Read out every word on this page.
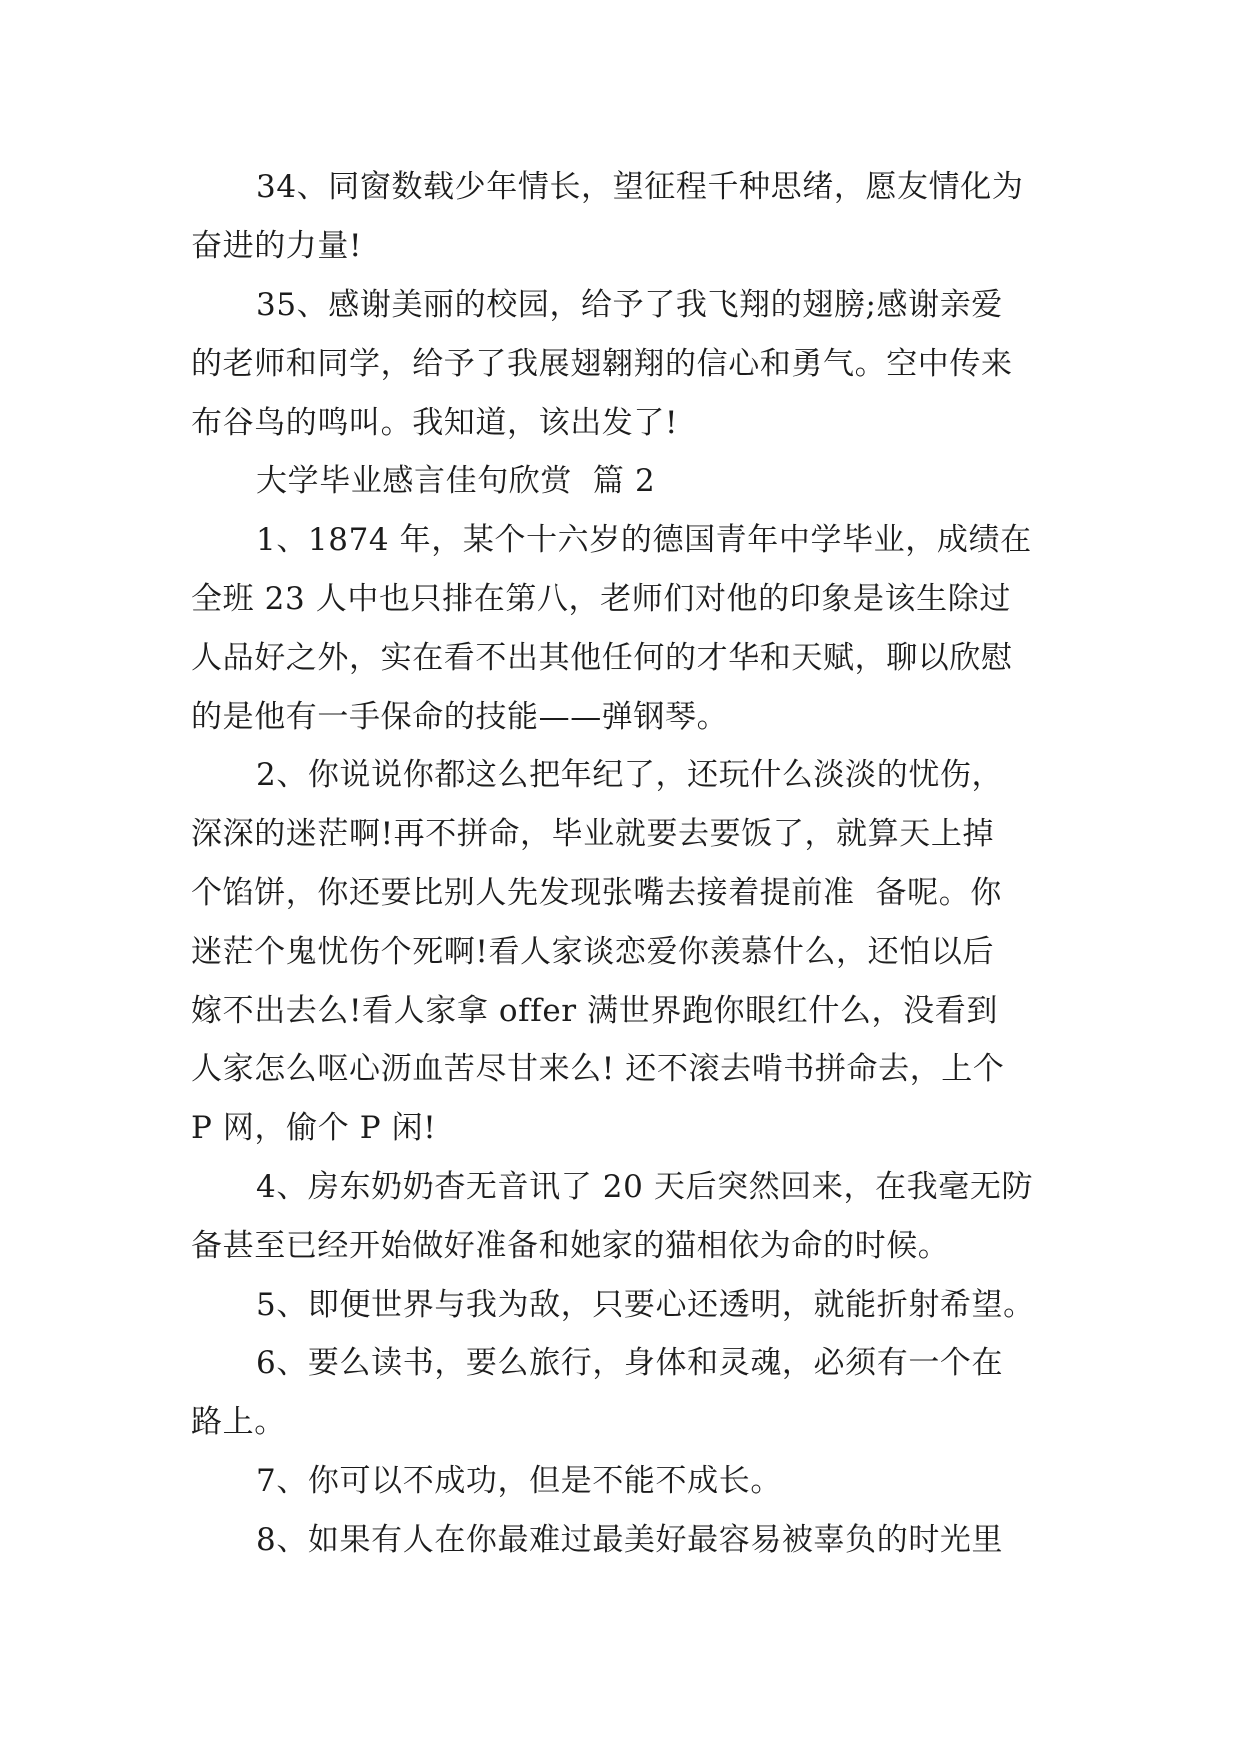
34、同窗数载少年情长，望征程千种思绪，愿友情化为

奋进的力量!

35、感谢美丽的校园，给予了我飞翔的翅膀;感谢亲爱

的老师和同学，给予了我展翅翱翔的信心和勇气。空中传来

布谷鸟的鸣叫。我知道，该出发了!

大学毕业感言佳句欣赏  篇 2

1、1874 年，某个十六岁的德国青年中学毕业，成绩在

全班 23 人中也只排在第八，老师们对他的印象是该生除过

人品好之外，实在看不出其他任何的才华和天赋，聊以欣慰

的是他有一手保命的技能——弹钢琴。

2、你说说你都这么把年纪了，还玩什么淡淡的忧伤，

深深的迷茫啊!再不拼命，毕业就要去要饭了，就算天上掉

个馅饼，你还要比别人先发现张嘴去接着提前准  备呢。你

迷茫个鬼忧伤个死啊!看人家谈恋爱你羡慕什么，还怕以后

嫁不出去么!看人家拿 offer 满世界跑你眼红什么，没看到

人家怎么呕心沥血苦尽甘来么! 还不滚去啃书拼命去，上个

P 网，偷个 P 闲!

4、房东奶奶杳无音讯了 20 天后突然回来，在我毫无防

备甚至已经开始做好准备和她家的猫相依为命的时候。

5、即便世界与我为敌，只要心还透明，就能折射希望。

6、要么读书，要么旅行，身体和灵魂，必须有一个在

路上。

7、你可以不成功，但是不能不成长。

8、如果有人在你最难过最美好最容易被辜负的时光里
